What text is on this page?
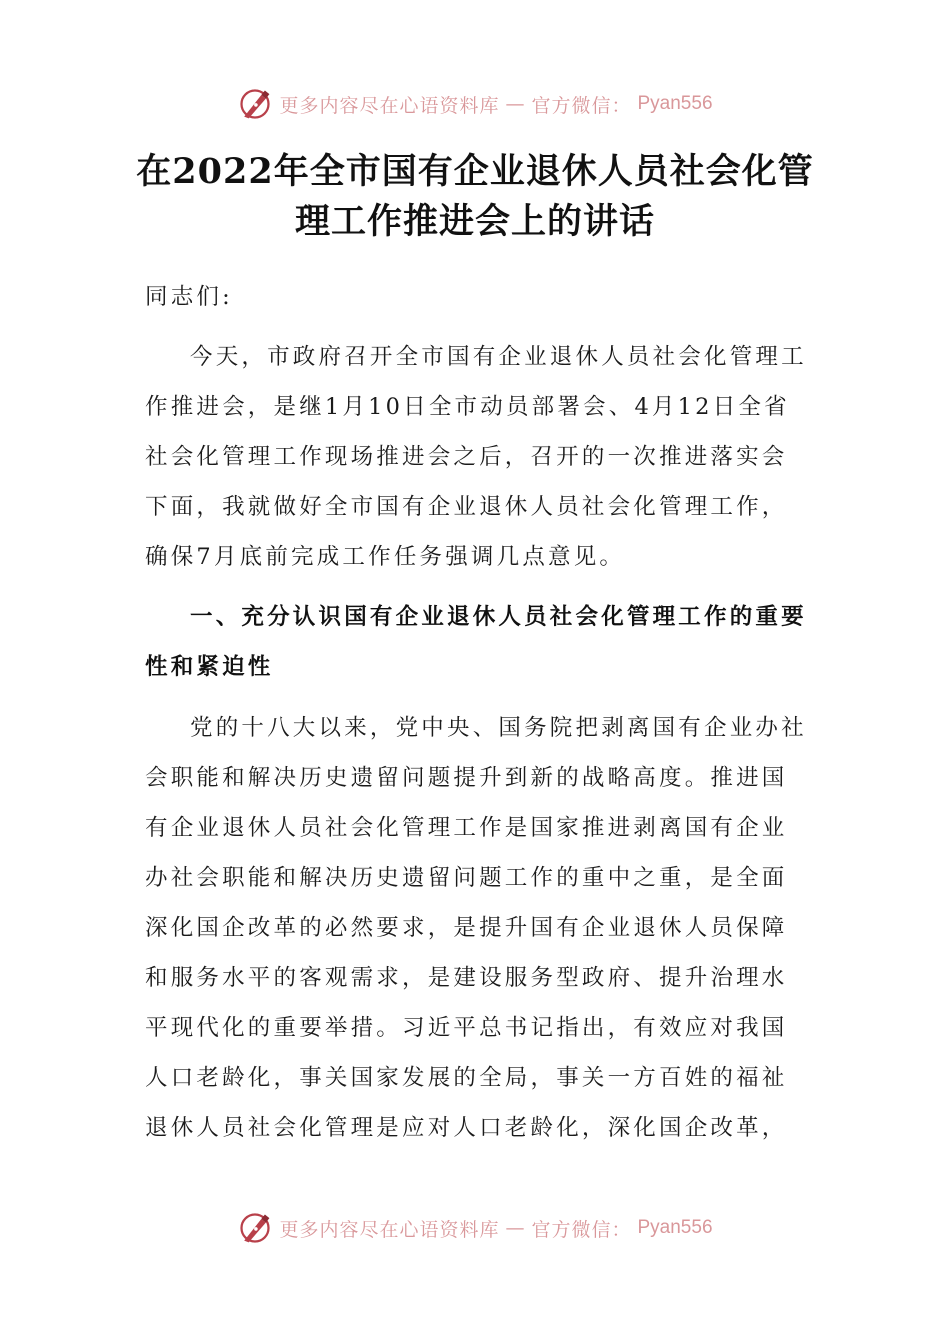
更多内容尽在心语资料库 — 官方微信： Pyan556
在2022年全市国有企业退休人员社会化管
理工作推进会上的讲话

同志们:

今天，市政府召开全市国有企业退休人员社会化管理工

作推进会，是继1月10日全市动员部署会、4月12日全省

社会化管理工作现场推进会之后，召开的一次推进落实会

下面，我就做好全市国有企业退休人员社会化管理工作，

确保7月底前完成工作任务强调几点意见。

一、充分认识国有企业退休人员社会化管理工作的重要

性和紧迫性

党的十八大以来，党中央、国务院把剥离国有企业办社

会职能和解决历史遗留问题提升到新的战略高度。推进国

有企业退休人员社会化管理工作是国家推进剥离国有企业

办社会职能和解决历史遗留问题工作的重中之重，是全面

深化国企改革的必然要求，是提升国有企业退休人员保障

和服务水平的客观需求，是建设服务型政府、提升治理水

平现代化的重要举措。习近平总书记指出，有效应对我国

人口老龄化，事关国家发展的全局，事关一方百姓的福祉

退休人员社会化管理是应对人口老龄化，深化国企改革，

更多内容尽在心语资料库 — 官方微信： Pyan556
